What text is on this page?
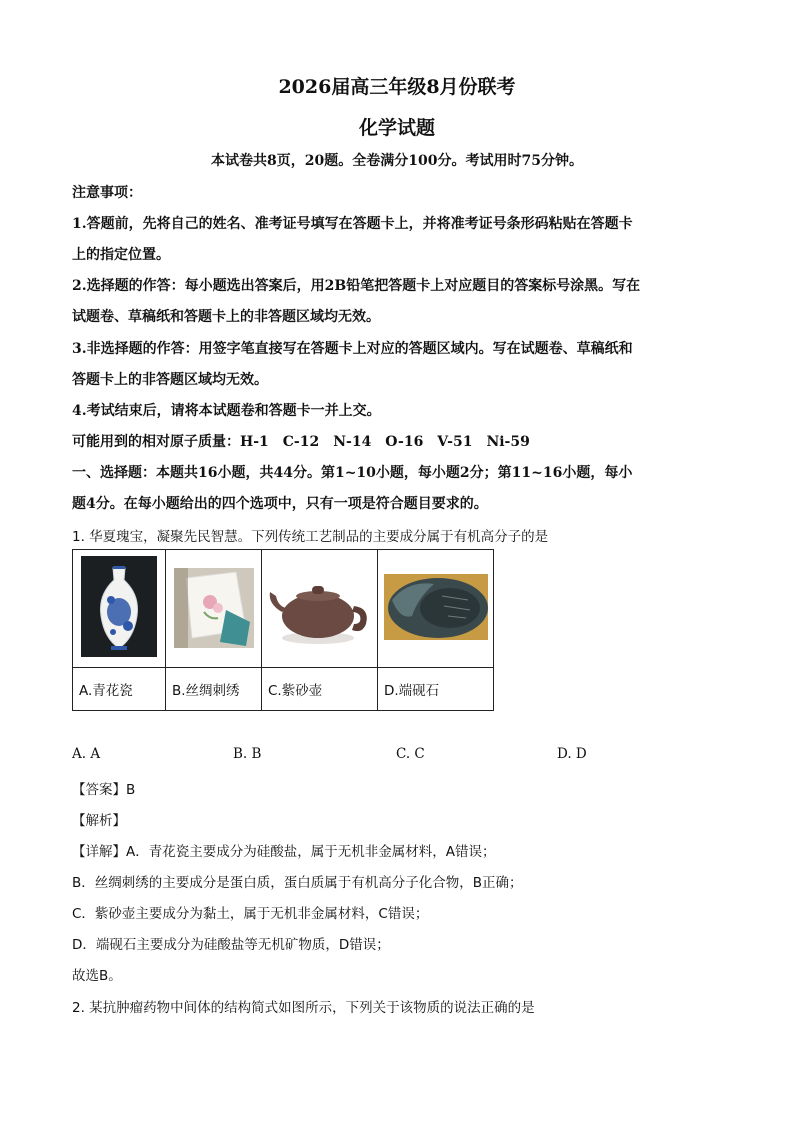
2026届高三年级8月份联考
化学试题
本试卷共8页，20题。全卷满分100分。考试用时75分钟。
注意事项：
1.答题前，先将自己的姓名、准考证号填写在答题卡上，并将准考证号条形码粘贴在答题卡
上的指定位置。
2.选择题的作答：每小题选出答案后，用2B铅笔把答题卡上对应题目的答案标号涂黑。写在
试题卷、草稿纸和答题卡上的非答题区域均无效。
3.非选择题的作答：用签字笔直接写在答题卡上对应的答题区域内。写在试题卷、草稿纸和
答题卡上的非答题区域均无效。
4.考试结束后，请将本试题卷和答题卡一并上交。
可能用到的相对原子质量：H-1　C-12　N-14　O-16　V-51　Ni-59
一、选择题：本题共16小题，共44分。第1~10小题，每小题2分；第11~16小题，每小
题4分。在每小题给出的四个选项中，只有一项是符合题目要求的。
1. 华夏瑰宝，凝聚先民智慧。下列传统工艺制品的主要成分属于有机高分子的是

A.青花瓷	B.丝绸刺绣	C.紫砂壶	D.端砚石
A. A	B. B	C. C	D. D
【答案】B
【解析】
【详解】A．青花瓷主要成分为硅酸盐，属于无机非金属材料，A错误；
B．丝绸刺绣的主要成分是蛋白质，蛋白质属于有机高分子化合物，B正确；
C．紫砂壶主要成分为黏土，属于无机非金属材料，C错误；
D．端砚石主要成分为硅酸盐等无机矿物质，D错误；
故选B。
2. 某抗肿瘤药物中间体的结构简式如图所示，下列关于该物质的说法正确的是
